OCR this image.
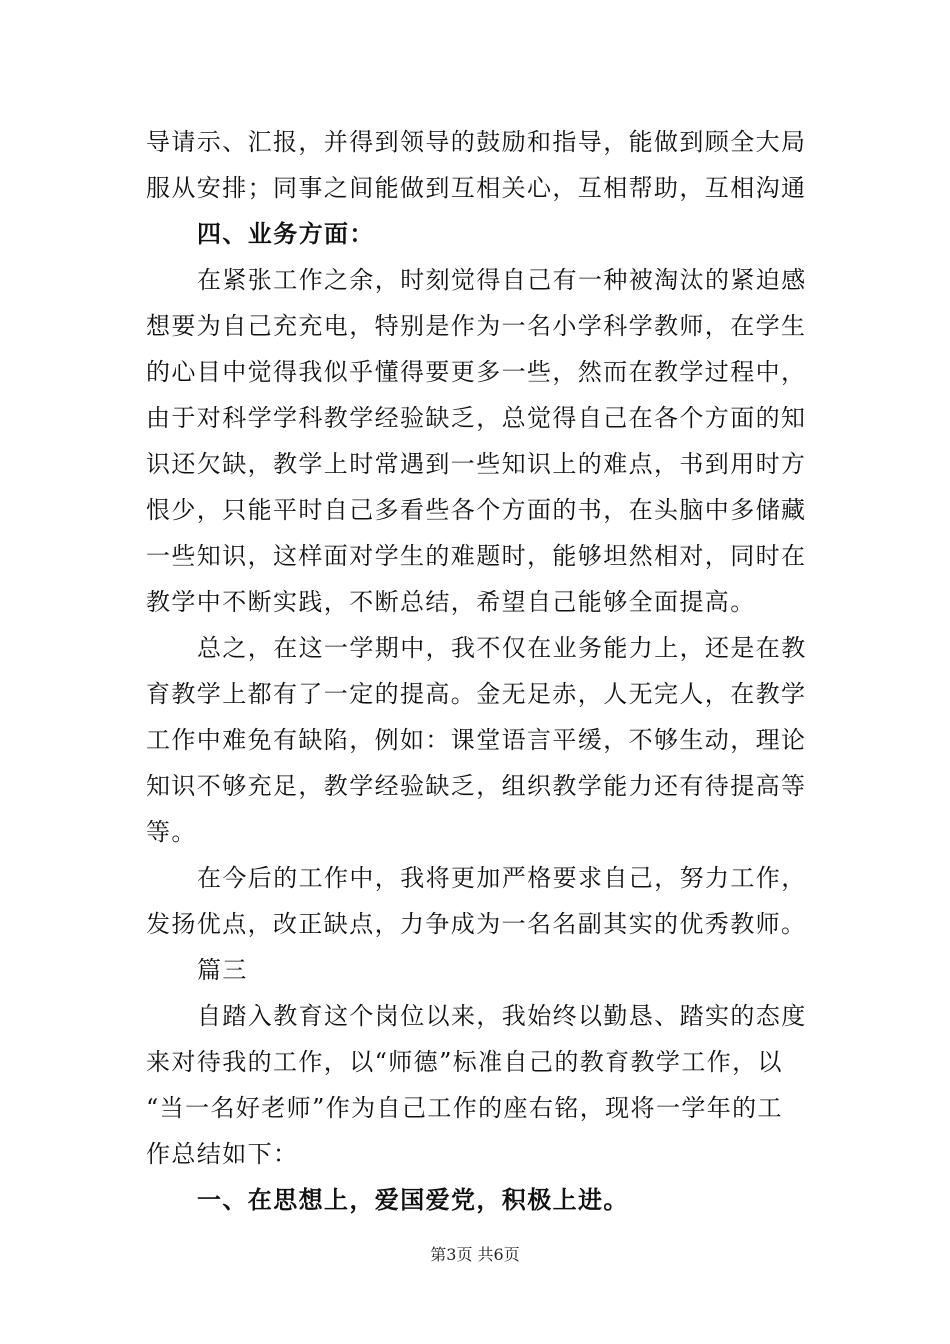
导请示、汇报，并得到领导的鼓励和指导，能做到顾全大局
服从安排；同事之间能做到互相关心，互相帮助，互相沟通
四、业务方面：
在紧张工作之余，时刻觉得自己有一种被淘汰的紧迫感
想要为自己充充电，特别是作为一名小学科学教师，在学生
的心目中觉得我似乎懂得要更多一些，然而在教学过程中，
由于对科学学科教学经验缺乏，总觉得自己在各个方面的知
识还欠缺，教学上时常遇到一些知识上的难点，书到用时方
恨少，只能平时自己多看些各个方面的书，在头脑中多储藏
一些知识，这样面对学生的难题时，能够坦然相对，同时在
教学中不断实践，不断总结，希望自己能够全面提高。
总之，在这一学期中，我不仅在业务能力上，还是在教
育教学上都有了一定的提高。金无足赤，人无完人，在教学
工作中难免有缺陷，例如：课堂语言平缓，不够生动，理论
知识不够充足，教学经验缺乏，组织教学能力还有待提高等
等。
在今后的工作中，我将更加严格要求自己，努力工作，
发扬优点，改正缺点，力争成为一名名副其实的优秀教师。
篇三
自踏入教育这个岗位以来，我始终以勤恳、踏实的态度
来对待我的工作，以“师德”标准自己的教育教学工作，以
“当一名好老师”作为自己工作的座右铭，现将一学年的工
作总结如下：
一、在思想上，爱国爱党，积极上进。
第3页 共6页
